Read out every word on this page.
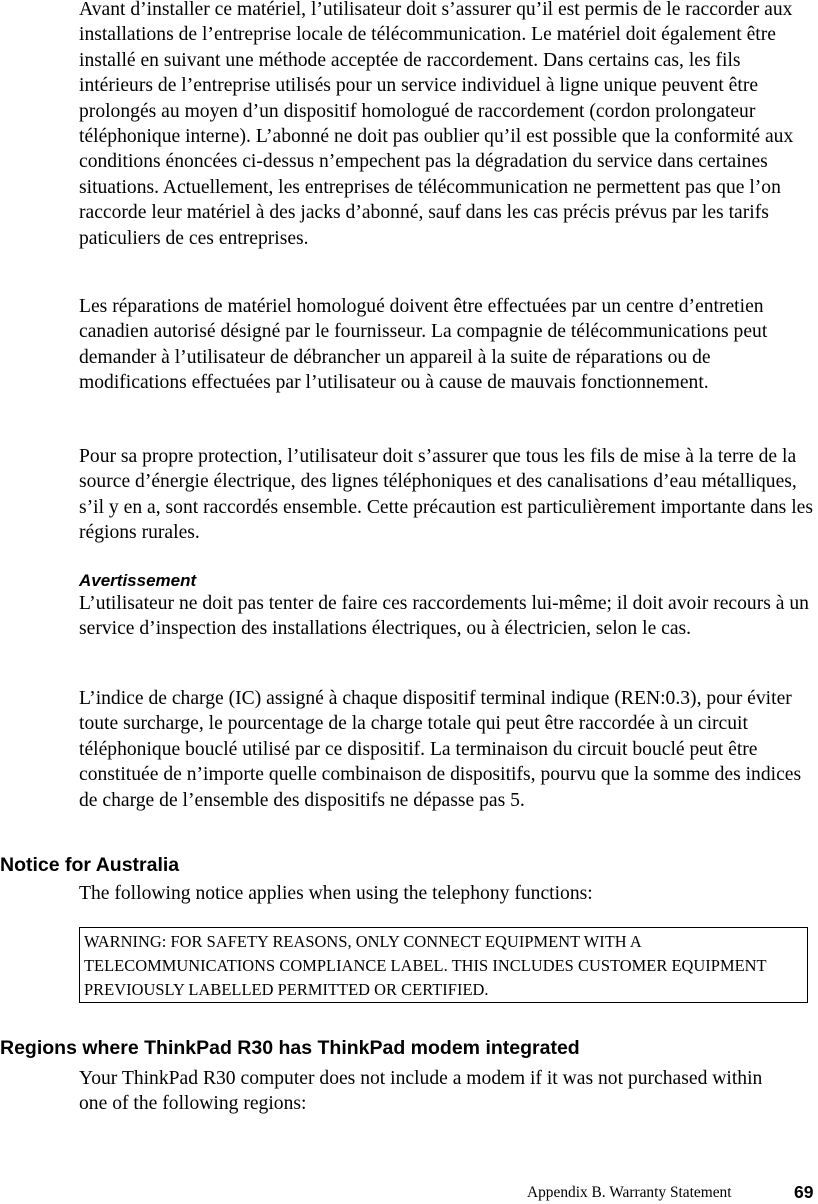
Avant d’installer ce matériel, l’utilisateur doit s’assurer qu’il est permis de le raccorder aux installations de l’entreprise locale de télécommunication. Le matériel doit également être installé en suivant une méthode acceptée de raccordement. Dans certains cas, les fils intérieurs de l’entreprise utilisés pour un service individuel à ligne unique peuvent être prolongés au moyen d’un dispositif homologué de raccordement (cordon prolongateur téléphonique interne). L’abonné ne doit pas oublier qu’il est possible que la conformité aux conditions énoncées ci-dessus n’empechent pas la dégradation du service dans certaines situations. Actuellement, les entreprises de télécommunication ne permettent pas que l’on raccorde leur matériel à des jacks d’abonné, sauf dans les cas précis prévus par les tarifs paticuliers de ces entreprises.

Les réparations de matériel homologué doivent être effectuées par un centre d’entretien canadien autorisé désigné par le fournisseur. La compagnie de télécommunications peut demander à l’utilisateur de débrancher un appareil à la suite de réparations ou de modifications effectuées par l’utilisateur ou à cause de mauvais fonctionnement.

Pour sa propre protection, l’utilisateur doit s’assurer que tous les fils de mise à la terre de la source d’énergie électrique, des lignes téléphoniques et des canalisations d’eau métalliques, s’il y en a, sont raccordés ensemble. Cette précaution est particulièrement importante dans les régions rurales.

Avertissement

L’utilisateur ne doit pas tenter de faire ces raccordements lui-même; il doit avoir recours à un service d’inspection des installations électriques, ou à électricien, selon le cas.

L’indice de charge (IC) assigné à chaque dispositif terminal indique (REN:0.3), pour éviter toute surcharge, le pourcentage de la charge totale qui peut être raccordée à un circuit téléphonique bouclé utilisé par ce dispositif. La terminaison du circuit bouclé peut être constituée de n’importe quelle combinaison de dispositifs, pourvu que la somme des indices de charge de l’ensemble des dispositifs ne dépasse pas 5.

Notice for Australia

The following notice applies when using the telephony functions:

WARNING: FOR SAFETY REASONS, ONLY CONNECT EQUIPMENT WITH A TELECOMMUNICATIONS COMPLIANCE LABEL. THIS INCLUDES CUSTOMER EQUIPMENT PREVIOUSLY LABELLED PERMITTED OR CERTIFIED.
Regions where ThinkPad R30 has ThinkPad modem integrated

Your ThinkPad R30 computer does not include a modem if it was not purchased within one of the following regions:

Appendix B. Warranty Statement	69
